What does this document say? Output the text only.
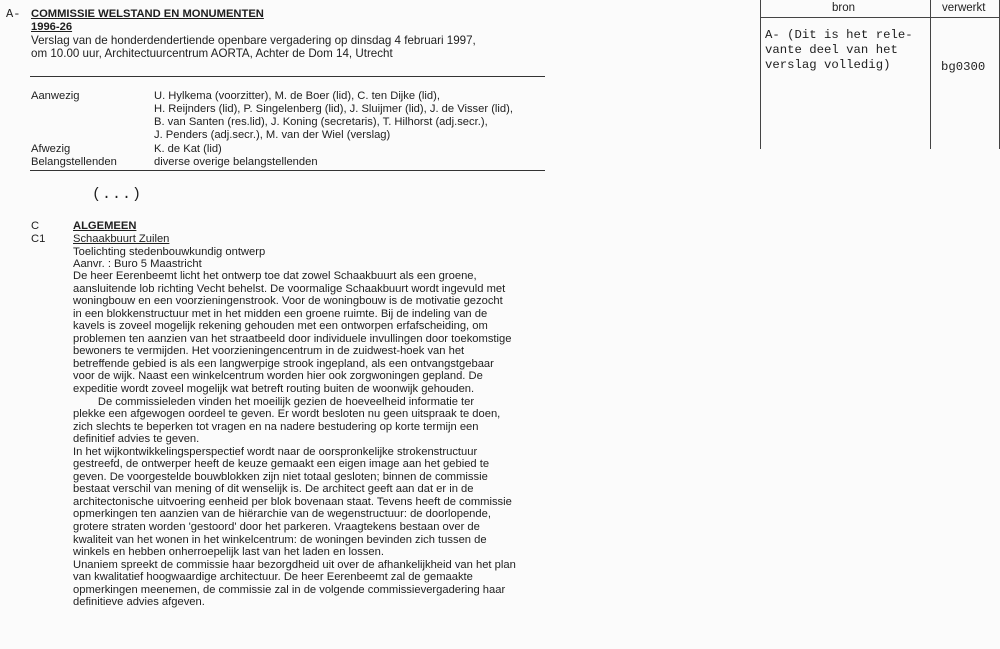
A- COMMISSIE WELSTAND EN MONUMENTEN
1996-26
Verslag van de honderdendertiende openbare vergadering op dinsdag 4 februari 1997,
om 10.00 uur, Architectuurcentrum AORTA, Achter de Dom 14, Utrecht
Aanwezig	U. Hylkema (voorzitter), M. de Boer (lid), C. ten Dijke (lid),
H. Reijnders (lid), P. Singelenberg (lid), J. Sluijmer (lid), J. de Visser (lid),
B. van Santen (res.lid), J. Koning (secretaris), T. Hilhorst (adj.secr.),
J. Penders (adj.secr.), M. van der Wiel (verslag)
Afwezig	K. de Kat (lid)
Belangstellenden	diverse overige belangstellenden
(...)
C	ALGEMEEN
C1 Schaakbuurt Zuilen
Toelichting stedenbouwkundig ontwerp
Aanvr. : Buro 5 Maastricht
De heer Eerenbeemt licht het ontwerp toe dat zowel Schaakbuurt als een groene,
aansluitende lob richting Vecht behelst. De voormalige Schaakbuurt wordt ingevuld met
woningbouw en een voorzieningenstrook. Voor de woningbouw is de motivatie gezocht
in een blokkenstructuur met in het midden een groene ruimte. Bij de indeling van de
kavels is zoveel mogelijk rekening gehouden met een ontworpen erfafscheiding, om
problemen ten aanzien van het straatbeeld door individuele invullingen door toekomstige
bewoners te vermijden. Het voorzieningencentrum in de zuidwest-hoek van het
betreffende gebied is als een langwerpige strook ingepland, als een ontvangstgebaar
voor de wijk. Naast een winkelcentrum worden hier ook zorgwoningen gepland. De
expeditie wordt zoveel mogelijk wat betreft routing buiten de woonwijk gehouden.
De commissieleden vinden het moeilijk gezien de hoeveelheid informatie ter
plekke een afgewogen oordeel te geven. Er wordt besloten nu geen uitspraak te doen,
zich slechts te beperken tot vragen en na nadere bestudering op korte termijn een
definitief advies te geven.
In het wijkontwikkelingsperspectief wordt naar de oorspronkelijke strokenstructuur
gestreefd, de ontwerper heeft de keuze gemaakt een eigen image aan het gebied te
geven. De voorgestelde bouwblokken zijn niet totaal gesloten; binnen de commissie
bestaat verschil van mening of dit wenselijk is. De architect geeft aan dat er in de
architectonische uitvoering eenheid per blok bovenaan staat. Tevens heeft de commissie
opmerkingen ten aanzien van de hiërarchie van de wegenstructuur: de doorlopende,
grotere straten worden 'gestoord' door het parkeren. Vraagtekens bestaan over de
kwaliteit van het wonen in het winkelcentrum: de woningen bevinden zich tussen de
winkels en hebben onherroepelijk last van het laden en lossen.
Unaniem spreekt de commissie haar bezorgdheid uit over de afhankelijkheid van het plan
van kwalitatief hoogwaardige architectuur. De heer Eerenbeemt zal de gemaakte
opmerkingen meenemen, de commissie zal in de volgende commissievergadering haar
definitieve advies afgeven.
bron	verwerkt
A- (Dit is het rele-
vante deel van het
verslag volledig)	bg0300
